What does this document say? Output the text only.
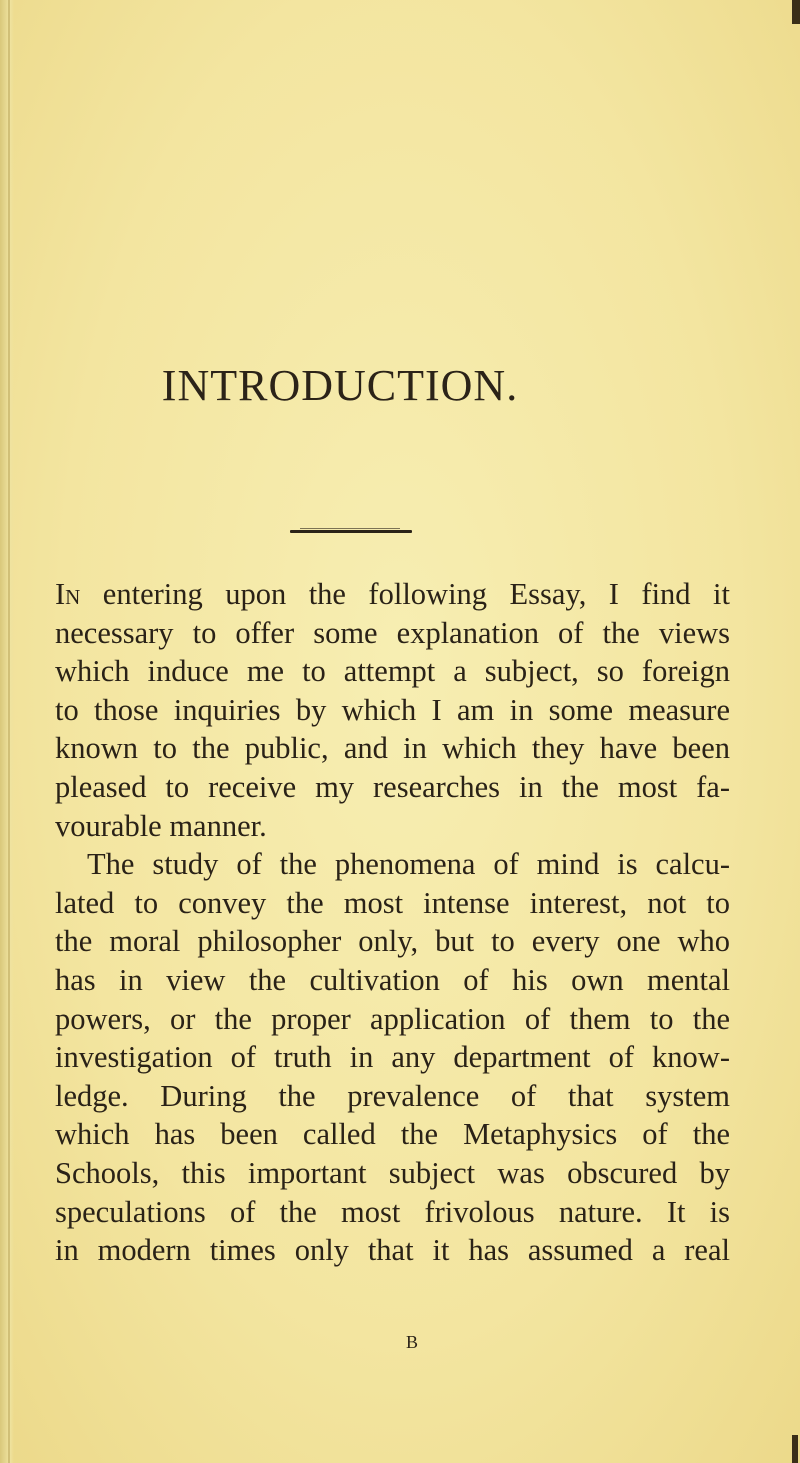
INTRODUCTION.
In entering upon the following Essay, I find it
necessary to offer some explanation of the views
which induce me to attempt a subject, so foreign
to those inquiries by which I am in some measure
known to the public, and in which they have been
pleased to receive my researches in the most fa-
vourable manner.
The study of the phenomena of mind is calcu-
lated to convey the most intense interest, not to
the moral philosopher only, but to every one who
has in view the cultivation of his own mental
powers, or the proper application of them to the
investigation of truth in any department of know-
ledge. During the prevalence of that system
which has been called the Metaphysics of the
Schools, this important subject was obscured by
speculations of the most frivolous nature. It is
in modern times only that it has assumed a real
B
